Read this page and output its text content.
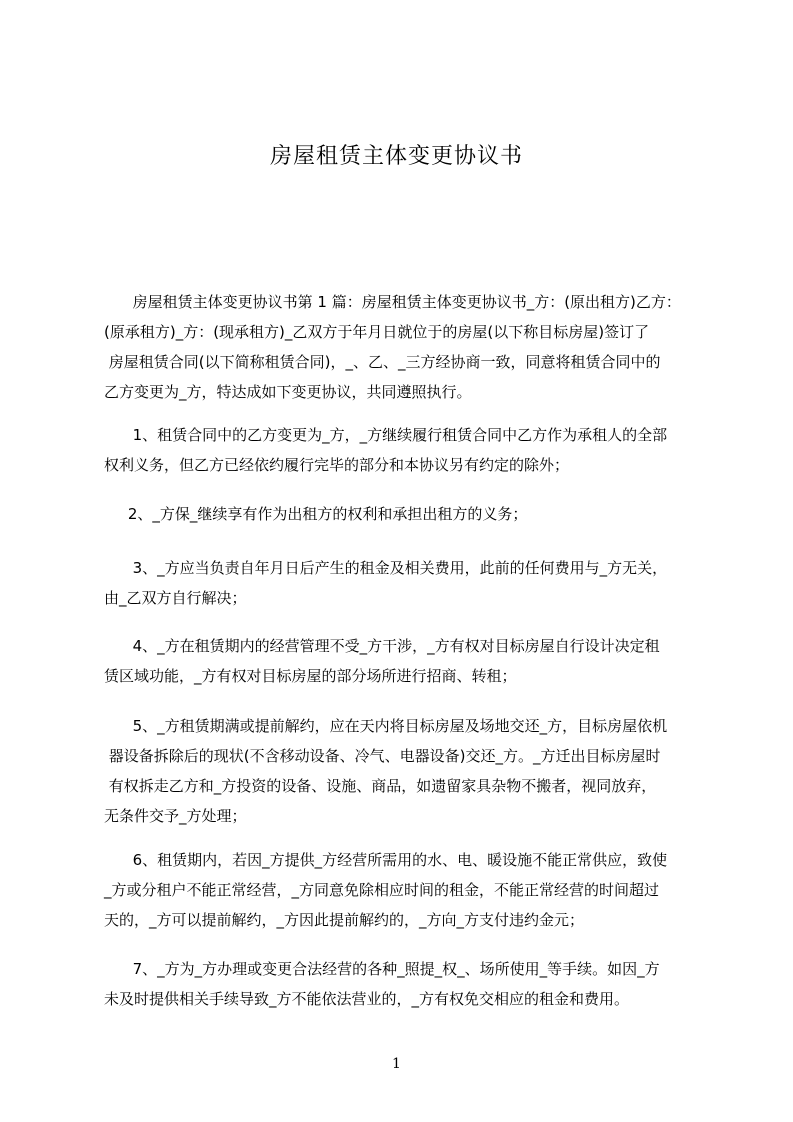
房屋租赁主体变更协议书
房屋租赁主体变更协议书第 1 篇：房屋租赁主体变更协议书_方：(原出租方)乙方：
(原承租方)_方：(现承租方)_乙双方于年月日就位于的房屋(以下称目标房屋)签订了
房屋租赁合同(以下简称租赁合同)，_、乙、_三方经协商一致，同意将租赁合同中的
乙方变更为_方，特达成如下变更协议，共同遵照执行。
1、租赁合同中的乙方变更为_方，_方继续履行租赁合同中乙方作为承租人的全部
权利义务，但乙方已经依约履行完毕的部分和本协议另有约定的除外；
2、_方保_继续享有作为出租方的权利和承担出租方的义务；
3、_方应当负责自年月日后产生的租金及相关费用，此前的任何费用与_方无关，
由_乙双方自行解决；
4、_方在租赁期内的经营管理不受_方干涉，_方有权对目标房屋自行设计决定租
赁区域功能，_方有权对目标房屋的部分场所进行招商、转租；
5、_方租赁期满或提前解约，应在天内将目标房屋及场地交还_方，目标房屋依机
器设备拆除后的现状(不含移动设备、冷气、电器设备)交还_方。_方迁出目标房屋时
有权拆走乙方和_方投资的设备、设施、商品，如遗留家具杂物不搬者，视同放弃，
无条件交予_方处理；
6、租赁期内，若因_方提供_方经营所需用的水、电、暖设施不能正常供应，致使
_方或分租户不能正常经营，_方同意免除相应时间的租金，不能正常经营的时间超过
天的，_方可以提前解约，_方因此提前解约的，_方向_方支付违约金元；
7、_方为_方办理或变更合法经营的各种_照提_权_、场所使用_等手续。如因_方
未及时提供相关手续导致_方不能依法营业的，_方有权免交相应的租金和费用。
1
